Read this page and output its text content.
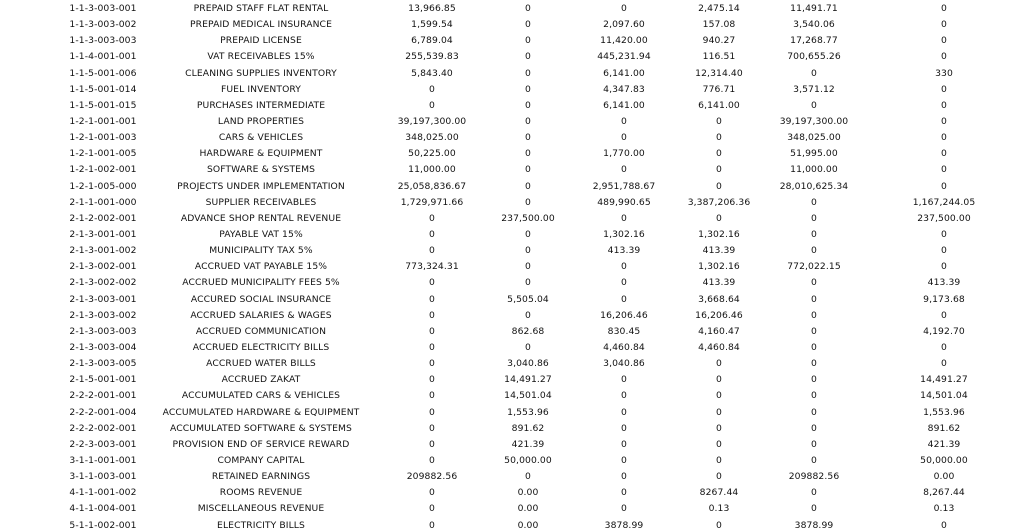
1-1-3-003-001	PREPAID STAFF FLAT RENTAL	13,966.85	0	0	2,475.14	11,491.71	0
1-1-3-003-002	PREPAID MEDICAL INSURANCE	1,599.54	0	2,097.60	157.08	3,540.06	0
1-1-3-003-003	PREPAID LICENSE	6,789.04	0	11,420.00	940.27	17,268.77	0
1-1-4-001-001	VAT RECEIVABLES 15%	255,539.83	0	445,231.94	116.51	700,655.26	0
1-1-5-001-006	CLEANING SUPPLIES INVENTORY	5,843.40	0	6,141.00	12,314.40	0	330
1-1-5-001-014	FUEL INVENTORY	0	0	4,347.83	776.71	3,571.12	0
1-1-5-001-015	PURCHASES INTERMEDIATE	0	0	6,141.00	6,141.00	0	0
1-2-1-001-001	LAND PROPERTIES	39,197,300.00	0	0	0	39,197,300.00	0
1-2-1-001-003	CARS & VEHICLES	348,025.00	0	0	0	348,025.00	0
1-2-1-001-005	HARDWARE & EQUIPMENT	50,225.00	0	1,770.00	0	51,995.00	0
1-2-1-002-001	SOFTWARE & SYSTEMS	11,000.00	0	0	0	11,000.00	0
1-2-1-005-000	PROJECTS UNDER IMPLEMENTATION	25,058,836.67	0	2,951,788.67	0	28,010,625.34	0
2-1-1-001-000	SUPPLIER RECEIVABLES	1,729,971.66	0	489,990.65	3,387,206.36	0	1,167,244.05
2-1-2-002-001	ADVANCE SHOP RENTAL REVENUE	0	237,500.00	0	0	0	237,500.00
2-1-3-001-001	PAYABLE VAT 15%	0	0	1,302.16	1,302.16	0	0
2-1-3-001-002	MUNICIPALITY TAX 5%	0	0	413.39	413.39	0	0
2-1-3-002-001	ACCRUED VAT PAYABLE 15%	773,324.31	0	0	1,302.16	772,022.15	0
2-1-3-002-002	ACCRUED MUNICIPALITY FEES 5%	0	0	0	413.39	0	413.39
2-1-3-003-001	ACCURED SOCIAL INSURANCE	0	5,505.04	0	3,668.64	0	9,173.68
2-1-3-003-002	ACCRUED SALARIES & WAGES	0	0	16,206.46	16,206.46	0	0
2-1-3-003-003	ACCRUED COMMUNICATION	0	862.68	830.45	4,160.47	0	4,192.70
2-1-3-003-004	ACCRUED ELECTRICITY BILLS	0	0	4,460.84	4,460.84	0	0
2-1-3-003-005	ACCRUED WATER BILLS	0	3,040.86	3,040.86	0	0	0
2-1-5-001-001	ACCRUED ZAKAT	0	14,491.27	0	0	0	14,491.27
2-2-2-001-001	ACCUMULATED CARS & VEHICLES	0	14,501.04	0	0	0	14,501.04
2-2-2-001-004	ACCUMULATED HARDWARE & EQUIPMENT	0	1,553.96	0	0	0	1,553.96
2-2-2-002-001	ACCUMULATED SOFTWARE & SYSTEMS	0	891.62	0	0	0	891.62
2-2-3-003-001	PROVISION END OF SERVICE REWARD	0	421.39	0	0	0	421.39
3-1-1-001-001	COMPANY CAPITAL	0	50,000.00	0	0	0	50,000.00
3-1-1-003-001	RETAINED EARNINGS	209882.56	0	0	0	209882.56	0.00
4-1-1-001-002	ROOMS REVENUE	0	0.00	0	8267.44	0	8,267.44
4-1-1-004-001	MISCELLANEOUS REVENUE	0	0.00	0	0.13	0	0.13
5-1-1-002-001	ELECTRICITY BILLS	0	0.00	3878.99	0	3878.99	0
